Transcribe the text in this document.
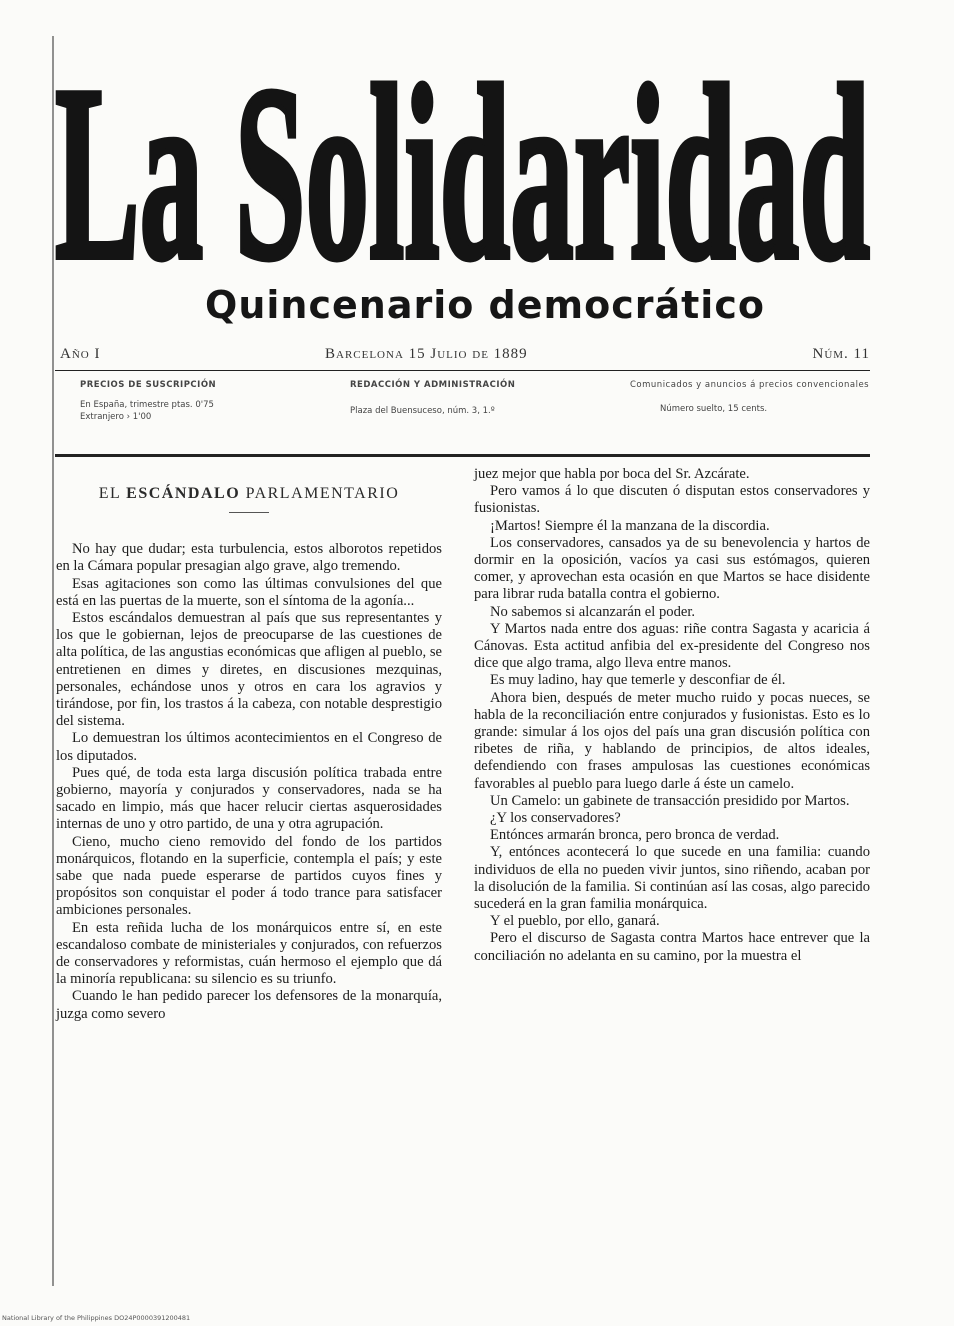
La Solidaridad
Quincenario democrático
Año I	Barcelona 15 Julio de 1889	Núm. 11
PRECIOS DE SUSCRIPCIÓN
En España, trimestre ptas. 0'75
Extranjero › 1'00
REDACCIÓN Y ADMINISTRACIÓN
Plaza del Buensuceso, núm. 3, 1.º
Comunicados y anuncios á precios convencionales
Número suelto, 15 cents.
EL ESCÁNDALO PARLAMENTARIO

No hay que dudar; esta turbulencia, estos alborotos repetidos en la Cámara popular presagian algo grave, algo tremendo.

Esas agitaciones son como las últimas convulsiones del que está en las puertas de la muerte, son el síntoma de la agonía...

Estos escándalos demuestran al país que sus representantes y los que le gobiernan, lejos de preocuparse de las cuestiones de alta política, de las angustias económicas que afligen al pueblo, se entretienen en dimes y diretes, en discusiones mezquinas, personales, echándose unos y otros en cara los agravios y tirándose, por fin, los trastos á la cabeza, con notable desprestigio del sistema.

Lo demuestran los últimos acontecimientos en el Congreso de los diputados.

Pues qué, de toda esta larga discusión política trabada entre gobierno, mayoría y conjurados y conservadores, nada se ha sacado en limpio, más que hacer relucir ciertas asquerosidades internas de uno y otro partido, de una y otra agrupación.

Cieno, mucho cieno removido del fondo de los partidos monárquicos, flotando en la superficie, contempla el país; y este sabe que nada puede esperarse de partidos cuyos fines y propósitos son conquistar el poder á todo trance para satisfacer ambiciones personales.

En esta reñida lucha de los monárquicos entre sí, en este escandaloso combate de ministeriales y conjurados, con refuerzos de conservadores y reformistas, cuán hermoso el ejemplo que dá la minoría republicana: su silencio es su triunfo.

Cuando le han pedido parecer los defensores de la monarquía, juzga como severo

juez mejor que habla por boca del Sr. Azcárate.

Pero vamos á lo que discuten ó disputan estos conservadores y fusionistas.

¡Martos! Siempre él la manzana de la discordia.

Los conservadores, cansados ya de su benevolencia y hartos de dormir en la oposición, vacíos ya casi sus estómagos, quieren comer, y aprovechan esta ocasión en que Martos se hace disidente para librar ruda batalla contra el gobierno.

No sabemos si alcanzarán el poder.

Y Martos nada entre dos aguas: riñe contra Sagasta y acaricia á Cánovas. Esta actitud anfibia del ex-presidente del Congreso nos dice que algo trama, algo lleva entre manos.

Es muy ladino, hay que temerle y desconfiar de él.

Ahora bien, después de meter mucho ruido y pocas nueces, se habla de la reconciliación entre conjurados y fusionistas. Esto es lo grande: simular á los ojos del país una gran discusión política con ribetes de riña, y hablando de principios, de altos ideales, defendiendo con frases ampulosas las cuestiones económicas favorables al pueblo para luego darle á éste un camelo.

Un Camelo: un gabinete de transacción presidido por Martos.

¿Y los conservadores?

Entónces armarán bronca, pero bronca de verdad.

Y, entónces acontecerá lo que sucede en una familia: cuando individuos de ella no pueden vivir juntos, sino riñendo, acaban por la disolución de la familia. Si continúan así las cosas, algo parecido sucederá en la gran familia monárquica.

Y el pueblo, por ello, ganará.

Pero el discurso de Sagasta contra Martos hace entrever que la conciliación no adelanta en su camino, por la muestra el

National Library of the Philippines DO24P0000391200481
